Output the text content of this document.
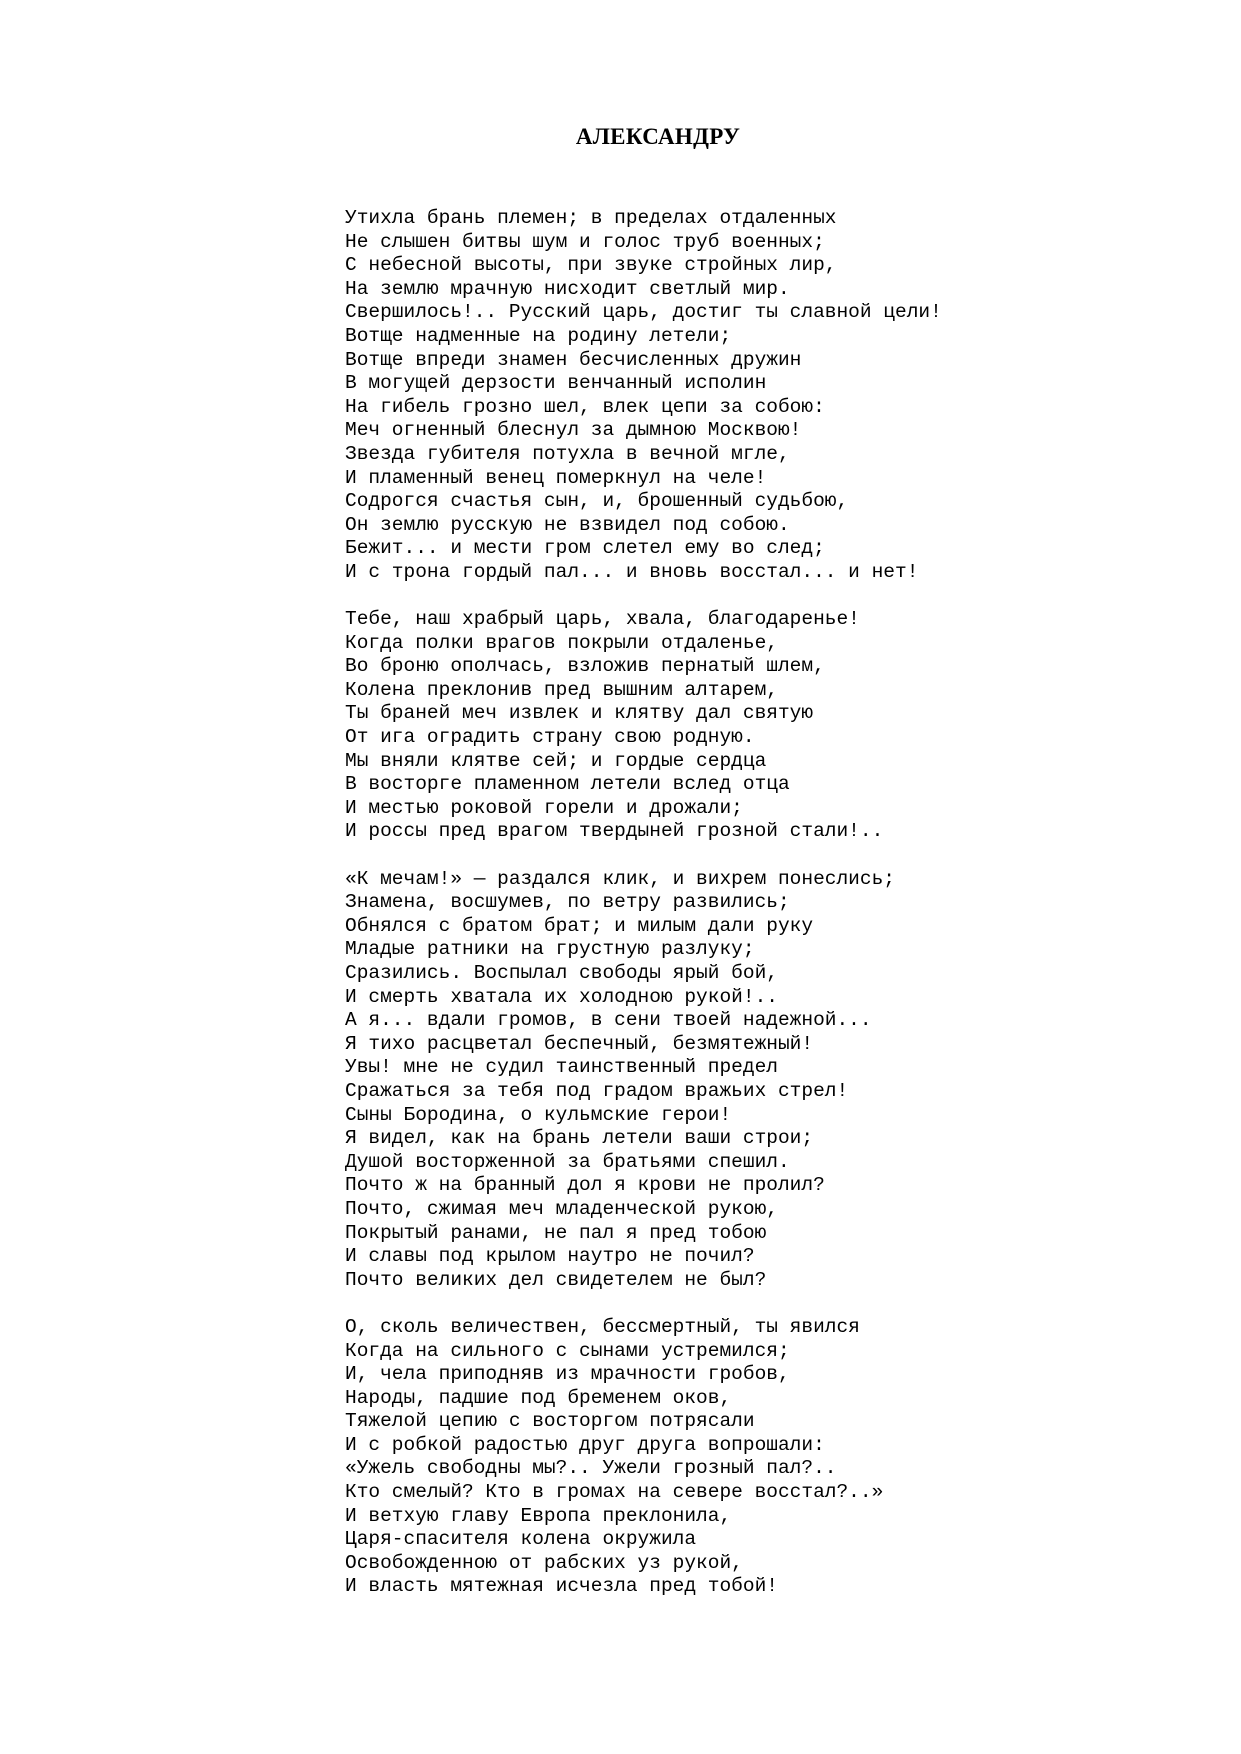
АЛЕКСАНДРУ
Утихла брань племен; в пределах отдаленных
Не слышен битвы шум и голос труб военных;
С небесной высоты, при звуке стройных лир,
На землю мрачную нисходит светлый мир.
Свершилось!.. Русский царь, достиг ты славной цели!
Вотще надменные на родину летели;
Вотще впреди знамен бесчисленных дружин
В могущей дерзости венчанный исполин
На гибель грозно шел, влек цепи за собою:
Меч огненный блеснул за дымною Москвою!
Звезда губителя потухла в вечной мгле,
И пламенный венец померкнул на челе!
Содрогся счастья сын, и, брошенный судьбою,
Он землю русскую не взвидел под собою.
Бежит... и мести гром слетел ему во след;
И с трона гордый пал... и вновь восстал... и нет!
Тебе, наш храбрый царь, хвала, благодаренье!
Когда полки врагов покрыли отдаленье,
Во броню ополчась, взложив пернатый шлем,
Колена преклонив пред вышним алтарем,
Ты браней меч извлек и клятву дал святую
От ига оградить страну свою родную.
Мы вняли клятве сей; и гордые сердца
В восторге пламенном летели вслед отца
И местью роковой горели и дрожали;
И россы пред врагом твердыней грозной стали!..
«К мечам!» — раздался клик, и вихрем понеслись;
Знамена, восшумев, по ветру развились;
Обнялся с братом брат; и милым дали руку
Младые ратники на грустную разлуку;
Сразились. Воспылал свободы ярый бой,
И смерть хватала их холодною рукой!..
А я... вдали громов, в сени твоей надежной...
Я тихо расцветал беспечный, безмятежный!
Увы! мне не судил таинственный предел
Сражаться за тебя под градом вражьих стрел!
Сыны Бородина, о кульмские герои!
Я видел, как на брань летели ваши строи;
Душой восторженной за братьями спешил.
Почто ж на бранный дол я крови не пролил?
Почто, сжимая меч младенческой рукою,
Покрытый ранами, не пал я пред тобою
И славы под крылом наутро не почил?
Почто великих дел свидетелем не был?
О, сколь величествен, бессмертный, ты явился
Когда на сильного с сынами устремился;
И, чела приподняв из мрачности гробов,
Народы, падшие под бременем оков,
Тяжелой цепию с восторгом потрясали
И с робкой радостью друг друга вопрошали:
«Ужель свободны мы?.. Ужели грозный пал?..
Кто смелый? Кто в громах на севере восстал?..»
И ветхую главу Европа преклонила,
Царя-спасителя колена окружила
Освобожденною от рабских уз рукой,
И власть мятежная исчезла пред тобой!
